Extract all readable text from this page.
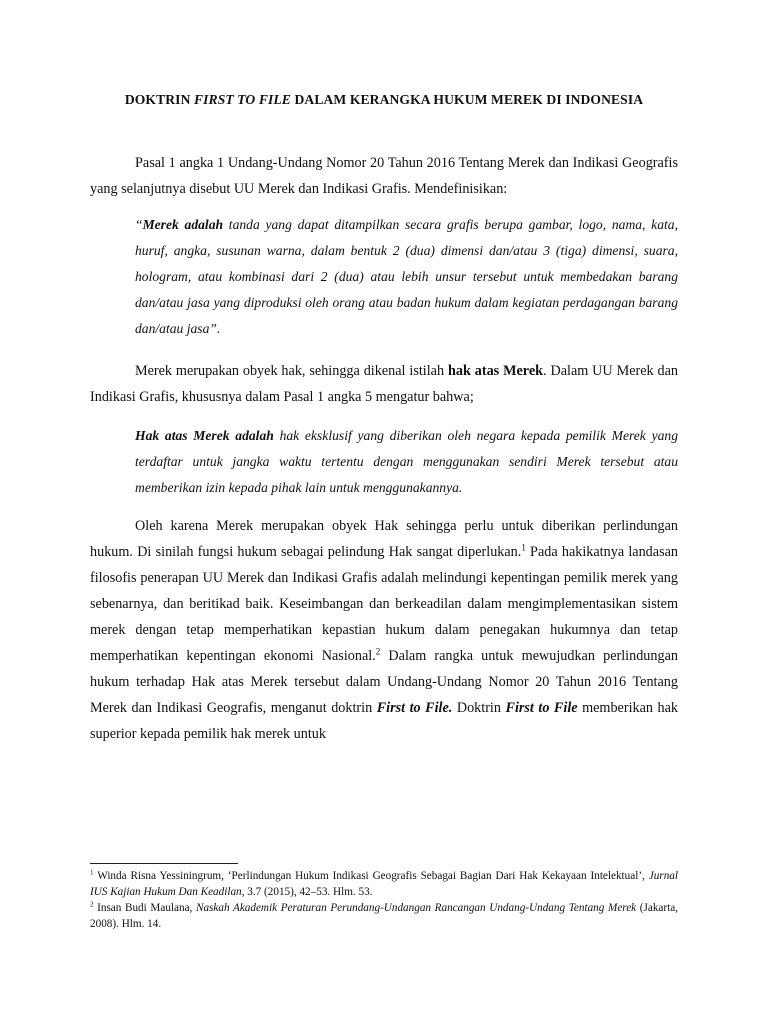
DOKTRIN FIRST TO FILE DALAM KERANGKA HUKUM MEREK DI INDONESIA

Pasal 1 angka 1 Undang-Undang Nomor 20 Tahun 2016 Tentang Merek dan Indikasi Geografis yang selanjutnya disebut UU Merek dan Indikasi Grafis. Mendefinisikan:

“Merek adalah tanda yang dapat ditampilkan secara grafis berupa gambar, logo, nama, kata, huruf, angka, susunan warna, dalam bentuk 2 (dua) dimensi dan/atau 3 (tiga) dimensi, suara, hologram, atau kombinasi dari 2 (dua) atau lebih unsur tersebut untuk membedakan barang dan/atau jasa yang diproduksi oleh orang atau badan hukum dalam kegiatan perdagangan barang dan/atau jasa”.

Merek merupakan obyek hak, sehingga dikenal istilah hak atas Merek. Dalam UU Merek dan Indikasi Grafis, khususnya dalam Pasal 1 angka 5 mengatur bahwa;

Hak atas Merek adalah hak eksklusif yang diberikan oleh negara kepada pemilik Merek yang terdaftar untuk jangka waktu tertentu dengan menggunakan sendiri Merek tersebut atau memberikan izin kepada pihak lain untuk menggunakannya.

Oleh karena Merek merupakan obyek Hak sehingga perlu untuk diberikan perlindungan hukum. Di sinilah fungsi hukum sebagai pelindung Hak sangat diperlukan.$^1$ Pada hakikatnya landasan filosofis penerapan UU Merek dan Indikasi Grafis adalah melindungi kepentingan pemilik merek yang sebenarnya, dan beritikad baik. Keseimbangan dan berkeadilan dalam mengimplementasikan sistem merek dengan tetap memperhatikan kepastian hukum dalam penegakan hukumnya dan tetap memperhatikan kepentingan ekonomi Nasional.$^2$ Dalam rangka untuk mewujudkan perlindungan hukum terhadap Hak atas Merek tersebut dalam Undang-Undang Nomor 20 Tahun 2016 Tentang Merek dan Indikasi Geografis, menganut doktrin First to File. Doktrin First to File memberikan hak superior kepada pemilik hak merek untuk

$^1$ Winda Risna Yessiningrum, ‘Perlindungan Hukum Indikasi Geografis Sebagai Bagian Dari Hak Kekayaan Intelektual’, Jurnal IUS Kajian Hukum Dan Keadilan, 3.7 (2015), 42–53. Hlm. 53.

$^2$ Insan Budi Maulana, Naskah Akademik Peraturan Perundang-Undangan Rancangan Undang-Undang Tentang Merek (Jakarta, 2008). Hlm. 14.
